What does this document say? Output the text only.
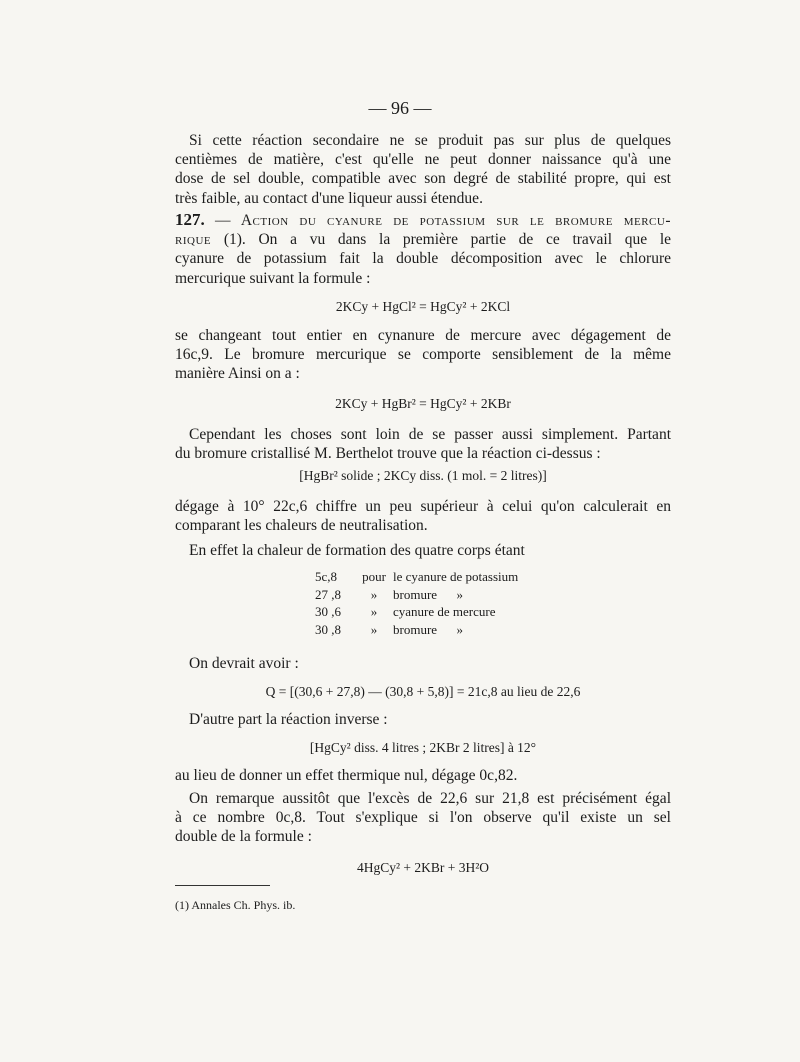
— 96 —
Si cette réaction secondaire ne se produit pas sur plus de quelques
centièmes de matière, c'est qu'elle ne peut donner naissance qu'à une
dose de sel double, compatible avec son degré de stabilité propre, qui est
très faible, au contact d'une liqueur aussi étendue.
127. — Action du cyanure de potassium sur le bromure mercu-
rique (1). On a vu dans la première partie de ce travail que le
cyanure de potassium fait la double décomposition avec le chlorure
mercurique suivant la formule :
2KCy + HgCl² = HgCy² + 2KCl
se changeant tout entier en cynanure de mercure avec dégagement de
16c,9. Le bromure mercurique se comporte sensiblement de la même
manière Ainsi on a :
2KCy + HgBr² = HgCy² + 2KBr
Cependant les choses sont loin de se passer aussi simplement. Partant
du bromure cristallisé M. Berthelot trouve que la réaction ci-dessus :
[HgBr² solide ; 2KCy diss. (1 mol. = 2 litres)]
dégage à 10° 22c,6 chiffre un peu supérieur à celui qu'on calculerait en
comparant les chaleurs de neutralisation.
En effet la chaleur de formation des quatre corps étant
5c,8	pour	le cyanure de potassium
27 ,8	»	bromure      »
30 ,6	»	cyanure de mercure
30 ,8	»	bromure      »
On devrait avoir :
Q = [(30,6 + 27,8) — (30,8 + 5,8)] = 21c,8 au lieu de 22,6
D'autre part la réaction inverse :
[HgCy² diss. 4 litres ; 2KBr 2 litres] à 12°
au lieu de donner un effet thermique nul, dégage 0c,82.
On remarque aussitôt que l'excès de 22,6 sur 21,8 est précisément égal
à ce nombre 0c,8. Tout s'explique si l'on observe qu'il existe un sel
double de la formule :
4HgCy² + 2KBr + 3H²O
(1) Annales Ch. Phys. ib.
